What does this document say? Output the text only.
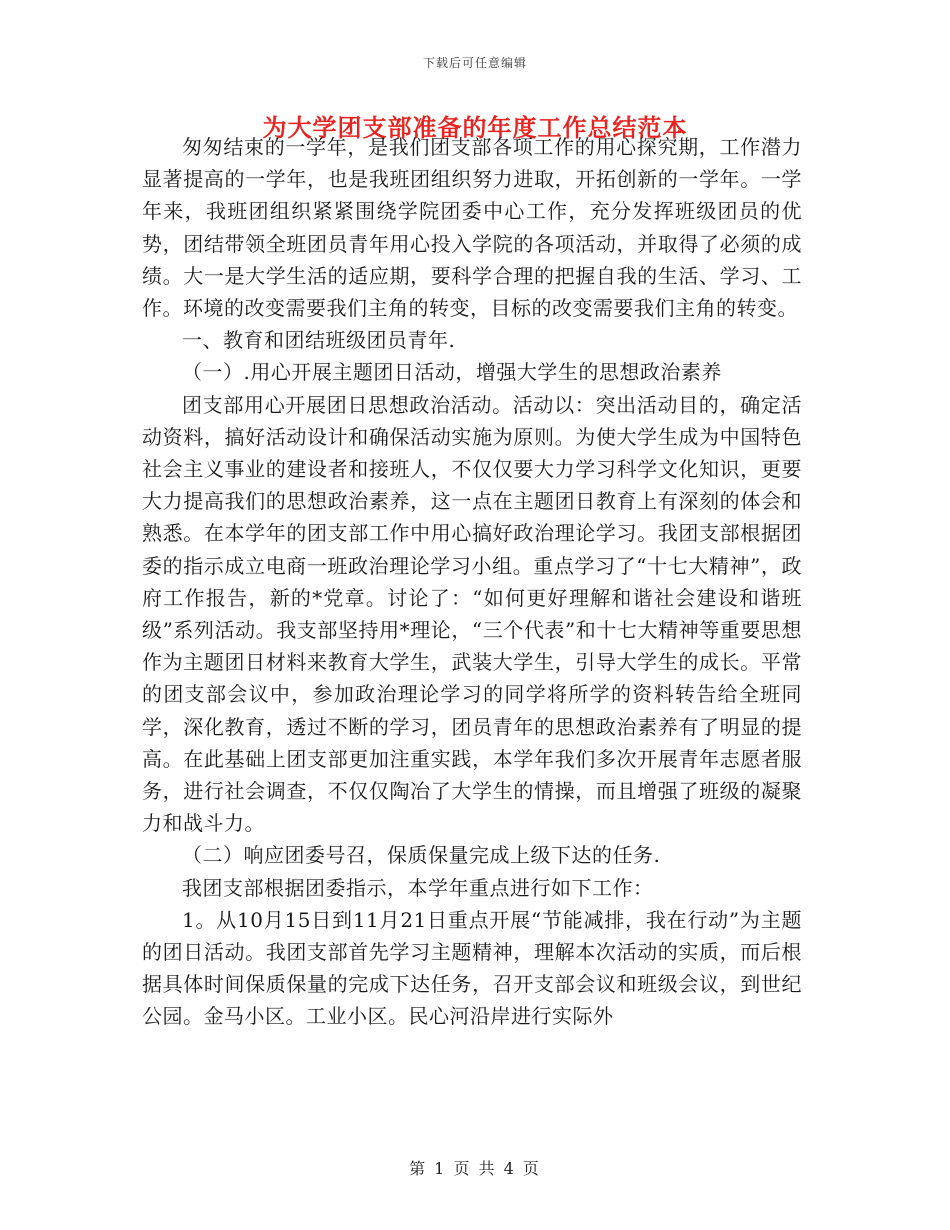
下载后可任意编辑
为大学团支部准备的年度工作总结范本

匆匆结束的一学年，是我们团支部各项工作的用心探究期，工作潜力显著提高的一学年，也是我班团组织努力进取，开拓创新的一学年。一学年来，我班团组织紧紧围绕学院团委中心工作，充分发挥班级团员的优势，团结带领全班团员青年用心投入学院的各项活动，并取得了必须的成绩。大一是大学生活的适应期，要科学合理的把握自我的生活、学习、工作。环境的改变需要我们主角的转变，目标的改变需要我们主角的转变。

一、教育和团结班级团员青年.

（一）.用心开展主题团日活动，增强大学生的思想政治素养

团支部用心开展团日思想政治活动。活动以：突出活动目的，确定活动资料，搞好活动设计和确保活动实施为原则。为使大学生成为中国特色社会主义事业的建设者和接班人，不仅仅要大力学习科学文化知识，更要大力提高我们的思想政治素养，这一点在主题团日教育上有深刻的体会和熟悉。在本学年的团支部工作中用心搞好政治理论学习。我团支部根据团委的指示成立电商一班政治理论学习小组。重点学习了“十七大精神”，政府工作报告，新的*党章。讨论了：“如何更好理解和谐社会建设和谐班级”系列活动。我支部坚持用*理论，“三个代表”和十七大精神等重要思想作为主题团日材料来教育大学生，武装大学生，引导大学生的成长。平常的团支部会议中，参加政治理论学习的同学将所学的资料转告给全班同学，深化教育，透过不断的学习，团员青年的思想政治素养有了明显的提高。在此基础上团支部更加注重实践，本学年我们多次开展青年志愿者服务，进行社会调查，不仅仅陶冶了大学生的情操，而且增强了班级的凝聚力和战斗力。

（二）响应团委号召，保质保量完成上级下达的任务.

我团支部根据团委指示，本学年重点进行如下工作：

1。从10月15日到11月21日重点开展“节能减排，我在行动”为主题的团日活动。我团支部首先学习主题精神，理解本次活动的实质，而后根据具体时间保质保量的完成下达任务，召开支部会议和班级会议，到世纪公园。金马小区。工业小区。民心河沿岸进行实际外

第 1 页 共 4 页
